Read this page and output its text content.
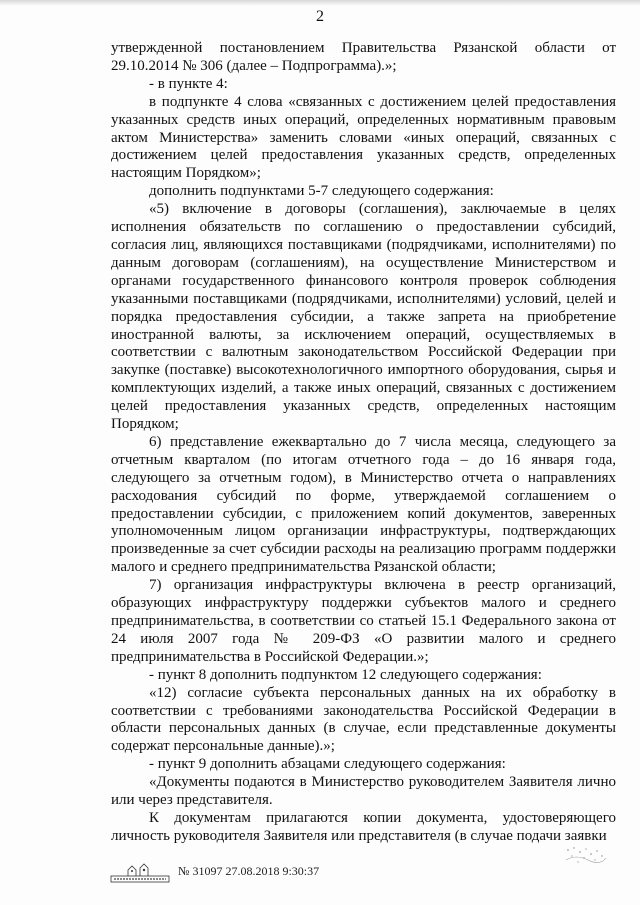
2

утвержденной постановлением Правительства Рязанской области от 29.10.2014 № 306 (далее – Подпрограмма).»;

- в пункте 4:

в подпункте 4 слова «связанных с достижением целей предоставления указанных средств иных операций, определенных нормативным правовым актом Министерства» заменить словами «иных операций, связанных с достижением целей предоставления указанных средств, определенных настоящим Порядком»;

дополнить подпунктами 5-7 следующего содержания:

«5) включение в договоры (соглашения), заключаемые в целях исполнения обязательств по соглашению о предоставлении субсидий, согласия лиц, являющихся поставщиками (подрядчиками, исполнителями) по данным договорам (соглашениям), на осуществление Министерством и органами государственного финансового контроля проверок соблюдения указанными поставщиками (подрядчиками, исполнителями) условий, целей и порядка предоставления субсидии, а также запрета на приобретение иностранной валюты, за исключением операций, осуществляемых в соответствии с валютным законодательством Российской Федерации при закупке (поставке) высокотехнологичного импортного оборудования, сырья и комплектующих изделий, а также иных операций, связанных с достижением целей предоставления указанных средств, определенных настоящим Порядком;

6) представление ежеквартально до 7 числа месяца, следующего за отчетным кварталом (по итогам отчетного года – до 16 января года, следующего за отчетным годом), в Министерство отчета о направлениях расходования субсидий по форме, утверждаемой соглашением о предоставлении субсидии, с приложением копий документов, заверенных уполномоченным лицом организации инфраструктуры, подтверждающих произведенные за счет субсидии расходы на реализацию программ поддержки малого и среднего предпринимательства Рязанской области;

7) организация инфраструктуры включена в реестр организаций, образующих инфраструктуру поддержки субъектов малого и среднего предпринимательства, в соответствии со статьей 15.1 Федерального закона от 24 июля 2007 года № 209-ФЗ «О развитии малого и среднего предпринимательства в Российской Федерации.»;

- пункт 8 дополнить подпунктом 12 следующего содержания:

«12) согласие субъекта персональных данных на их обработку в соответствии с требованиями законодательства Российской Федерации в области персональных данных (в случае, если представленные документы содержат персональные данные).»;

- пункт 9 дополнить абзацами следующего содержания:

«Документы подаются в Министерство руководителем Заявителя лично или через представителя.

К документам прилагаются копии документа, удостоверяющего личность руководителя Заявителя или представителя (в случае подачи заявки

№ 31097 27.08.2018 9:30:37
